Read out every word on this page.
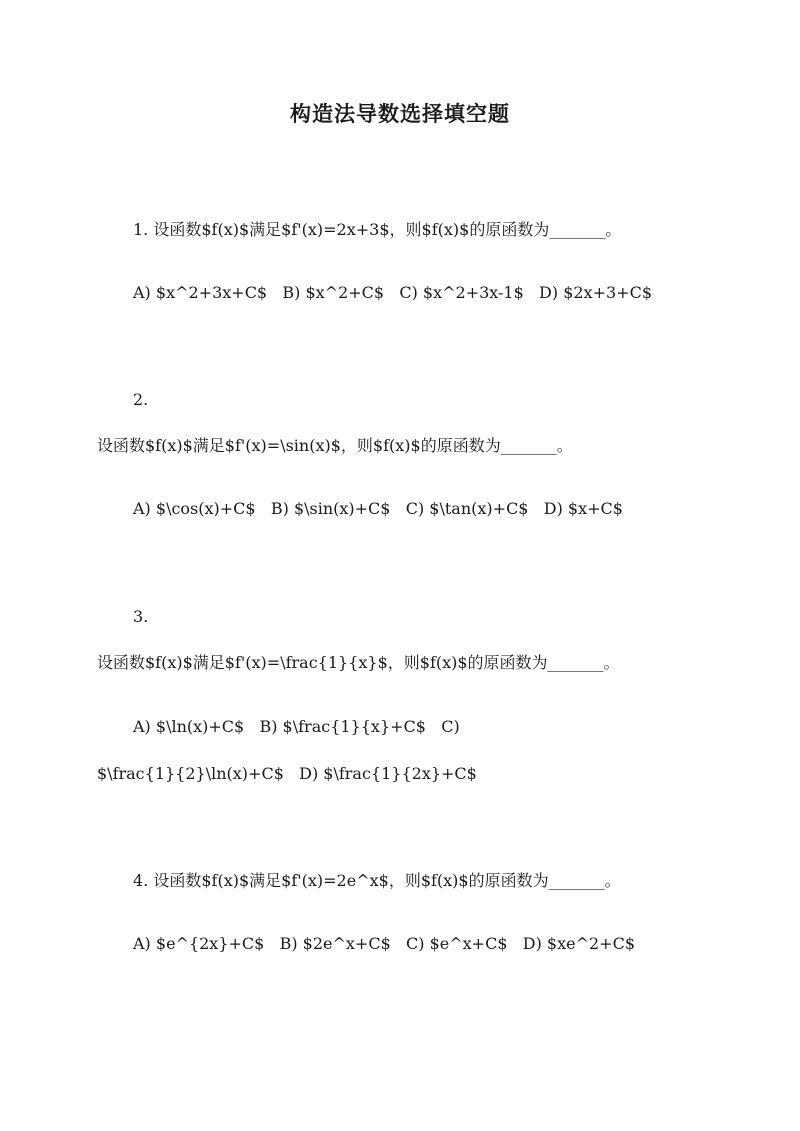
构造法导数选择填空题
1. 设函数$f(x)$满足$f'(x)=2x+3$，则$f(x)$的原函数为_______。
A) $x^2+3x+C$   B) $x^2+C$   C) $x^2+3x-1$   D) $2x+3+C$
2.
设函数$f(x)$满足$f'(x)=\sin(x)$，则$f(x)$的原函数为_______。
A) $\cos(x)+C$   B) $\sin(x)+C$   C) $\tan(x)+C$   D) $x+C$
3.
设函数$f(x)$满足$f'(x)=\frac{1}{x}$，则$f(x)$的原函数为_______。
A) $\ln(x)+C$   B) $\frac{1}{x}+C$   C)
$\frac{1}{2}\ln(x)+C$   D) $\frac{1}{2x}+C$
4. 设函数$f(x)$满足$f'(x)=2e^x$，则$f(x)$的原函数为_______。
A) $e^{2x}+C$   B) $2e^x+C$   C) $e^x+C$   D) $xe^2+C$
